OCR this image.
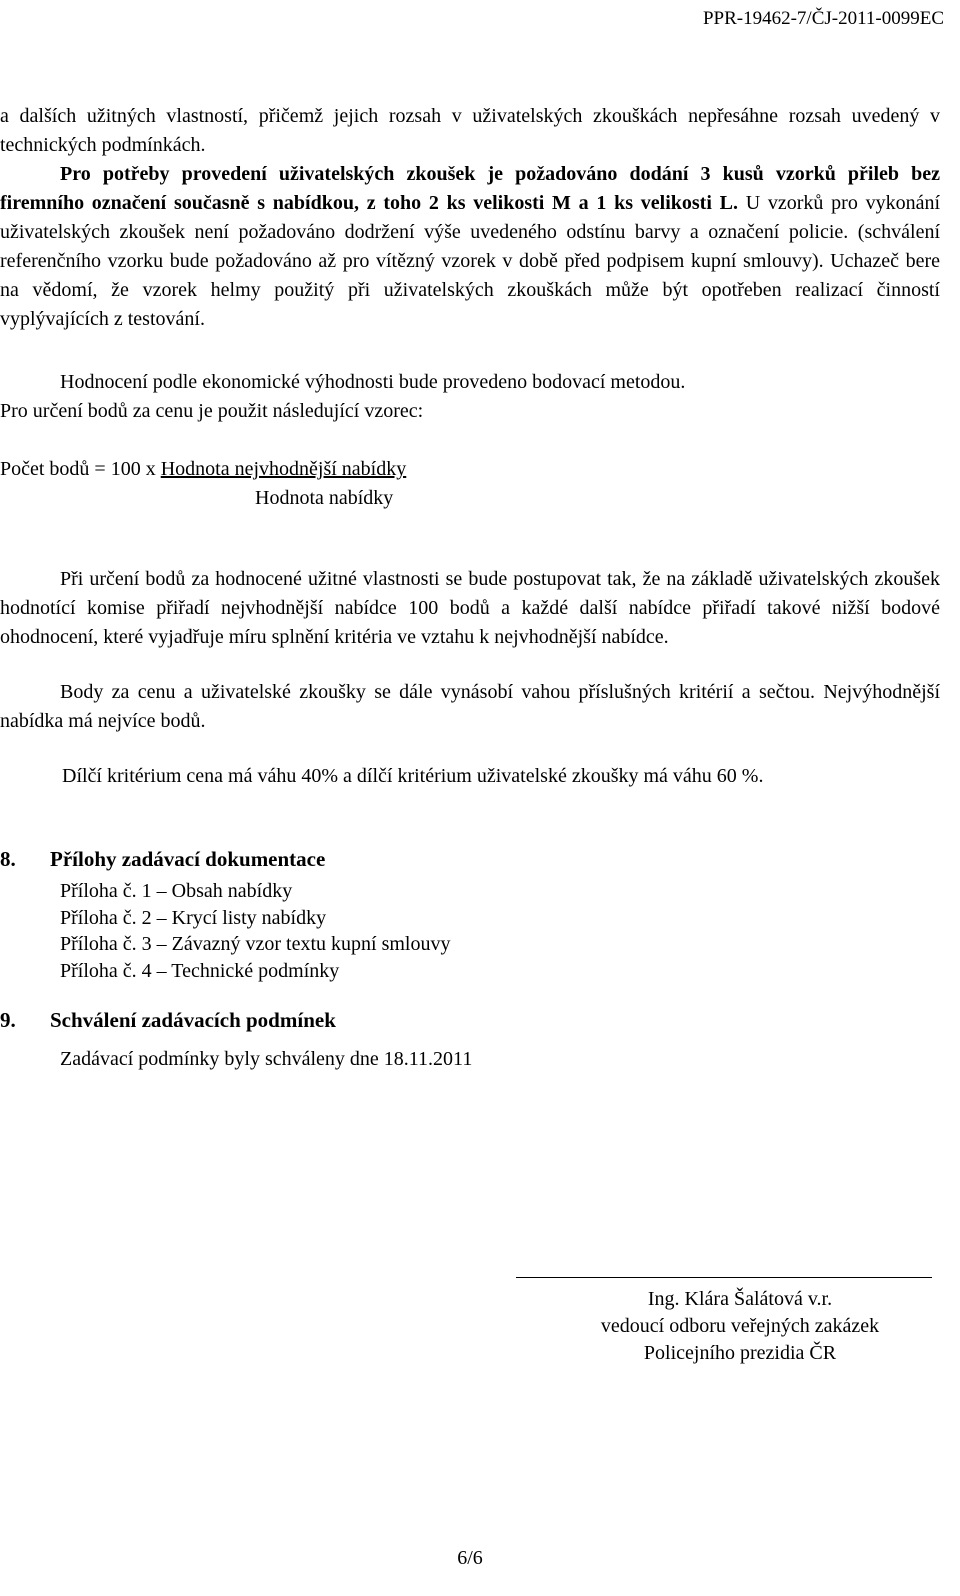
PPR-19462-7/ČJ-2011-0099EC

a dalších užitných vlastností, přičemž jejich rozsah v uživatelských zkouškách nepřesáhne rozsah uvedený v technických podmínkách.

Pro potřeby provedení uživatelských zkoušek je požadováno dodání 3 kusů vzorků přileb bez firemního označení současně s nabídkou, z toho 2 ks velikosti M a 1 ks velikosti L. U vzorků pro vykonání uživatelských zkoušek není požadováno dodržení výše uvedeného odstínu barvy a označení policie. (schválení referenčního vzorku bude požadováno až pro vítězný vzorek v době před podpisem kupní smlouvy). Uchazeč bere na vědomí, že vzorek helmy použitý při uživatelských zkouškách může být opotřeben realizací činností vyplývajících z testování.

Hodnocení podle ekonomické výhodnosti bude provedeno bodovací metodou.

Pro určení bodů za cenu je použit následující vzorec:

Počet bodů = 100 x Hodnota nejvhodnější nabídky
Hodnota nabídky

Při určení bodů za hodnocené užitné vlastnosti se bude postupovat tak, že na základě uživatelských zkoušek hodnotící komise přiřadí nejvhodnější nabídce 100 bodů a každé další nabídce přiřadí takové nižší bodové ohodnocení, které vyjadřuje míru splnění kritéria ve vztahu k nejvhodnější nabídce.

Body za cenu a uživatelské zkoušky se dále vynásobí vahou příslušných kritérií a sečtou. Nejvýhodnější nabídka má nejvíce bodů.

Dílčí kritérium cena má váhu 40% a dílčí kritérium uživatelské zkoušky má váhu 60 %.

8.	Přílohy zadávací dokumentace
Příloha č. 1 – Obsah nabídky
Příloha č. 2 – Krycí listy nabídky
Příloha č. 3 – Závazný vzor textu kupní smlouvy
Příloha č. 4 – Technické podmínky
9.	Schválení zadávacích podmínek

Zadávací podmínky byly schváleny dne 18.11.2011

Ing. Klára Šalátová v.r.
vedoucí odboru veřejných zakázek
Policejního prezidia ČR
6/6
